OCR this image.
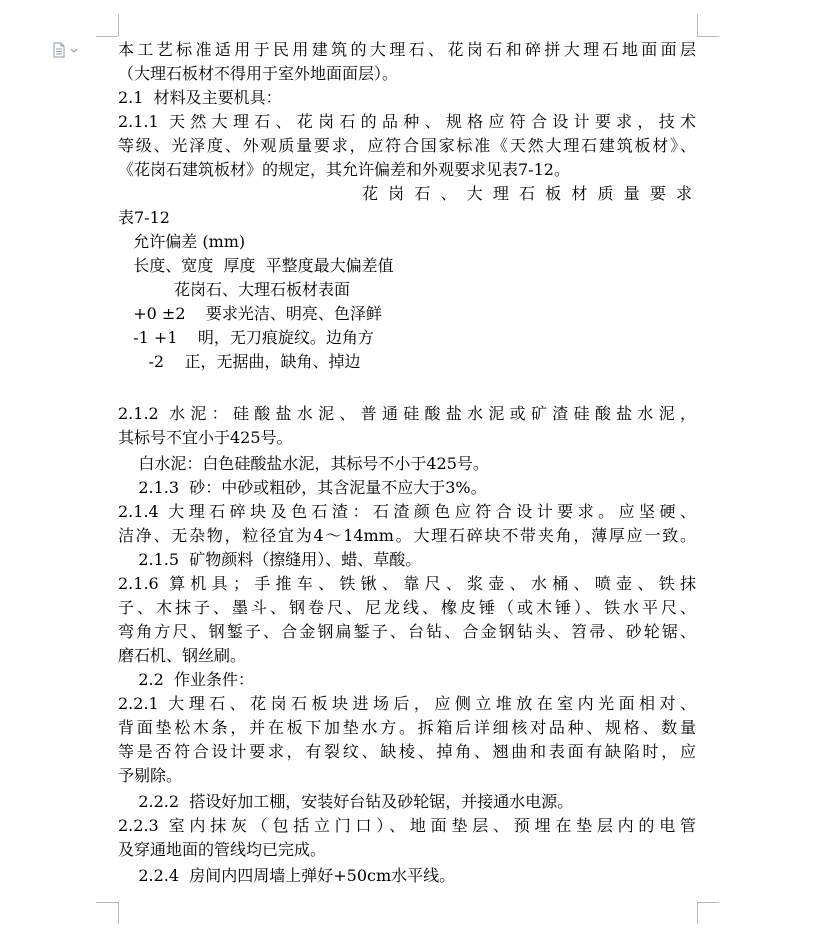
本工艺标准适用于民用建筑的大理石、花岗石和碎拼大理石地面面层
（大理石板材不得用于室外地面面层）。
2.1  材料及主要机具：
2.1.1 天然大理石、花岗石的品种、规格应符合设计要求，技术
等级、光泽度、外观质量要求，应符合国家标准《天然大理石建筑板材》、
《花岗石建筑板材》的规定，其允许偏差和外观要求见表7-12。
花岗石、大理石板材质量要求
表7-12
允许偏差 (mm)
长度、宽度  厚度  平整度最大偏差值
花岗石、大理石板材表面
+0 ±2    要求光洁、明亮、色泽鲜
-1 +1    明，无刀痕旋纹。边角方
-2    正，无据曲，缺角、掉边
2.1.2 水泥：硅酸盐水泥、普通硅酸盐水泥或矿渣硅酸盐水泥，
其标号不宜小于425号。
白水泥：白色硅酸盐水泥，其标号不小于425号。
2.1.3  砂：中砂或粗砂，其含泥量不应大于3%。
2.1.4 大理石碎块及色石渣：石渣颜色应符合设计要求。应坚硬、
洁净、无杂物，粒径宜为4～14mm。大理石碎块不带夹角，薄厚应一致。
2.1.5  矿物颜料（擦缝用）、蜡、草酸。
2.1.6 算机具；手推车、铁锹、靠尺、浆壶、水桶、喷壶、铁抹
子、木抹子、墨斗、钢卷尺、尼龙线、橡皮锤（或木锤）、铁水平尺、
弯角方尺、钢錾子、合金钢扁錾子、台钻、合金钢钻头、笤帚、砂轮锯、
磨石机、钢丝刷。
2.2  作业条件：
2.2.1 大理石、花岗石板块进场后，应侧立堆放在室内光面相对、
背面垫松木条，并在板下加垫水方。拆箱后详细核对品种、规格、数量
等是否符合设计要求，有裂纹、缺棱、掉角、翘曲和表面有缺陷时，应
予剔除。
2.2.2  搭设好加工棚，安装好台钻及砂轮锯，并接通水电源。
2.2.3 室内抹灰（包括立门口）、地面垫层、预埋在垫层内的电管
及穿通地面的管线均已完成。
2.2.4  房间内四周墙上弹好+50cm水平线。
